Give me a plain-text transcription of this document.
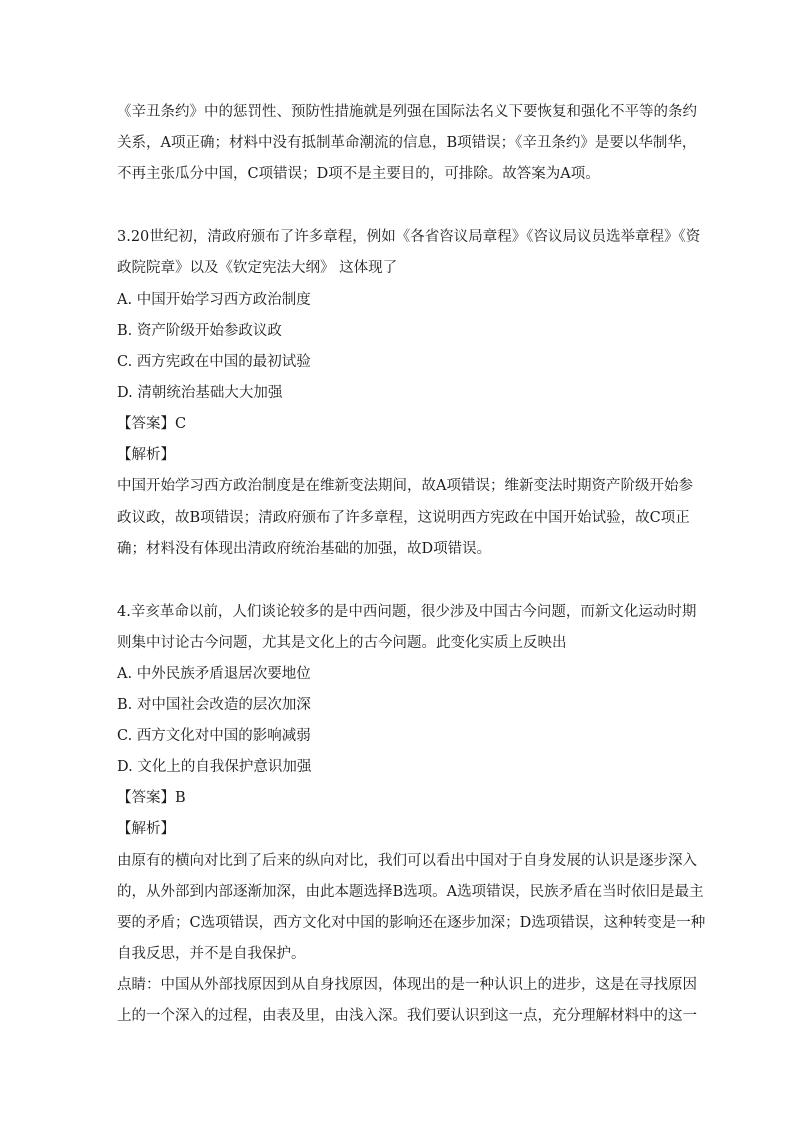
《辛丑条约》中的惩罚性、预防性措施就是列强在国际法名义下要恢复和强化不平等的条约
关系，A项正确；材料中没有抵制革命潮流的信息，B项错误；《辛丑条约》是要以华制华，
不再主张瓜分中国，C项错误；D项不是主要目的，可排除。故答案为A项。
3.20世纪初，清政府颁布了许多章程，例如《各省咨议局章程》《咨议局议员选举章程》《资
政院院章》以及《钦定宪法大纲》 这体现了
A. 中国开始学习西方政治制度
B. 资产阶级开始参政议政
C. 西方宪政在中国的最初试验
D. 清朝统治基础大大加强
【答案】C
【解析】
中国开始学习西方政治制度是在维新变法期间，故A项错误；维新变法时期资产阶级开始参
政议政，故B项错误；清政府颁布了许多章程，这说明西方宪政在中国开始试验，故C项正
确；材料没有体现出清政府统治基础的加强，故D项错误。
4.辛亥革命以前，人们谈论较多的是中西问题，很少涉及中国古今问题，而新文化运动时期
则集中讨论古今问题，尤其是文化上的古今问题。此变化实质上反映出
A. 中外民族矛盾退居次要地位
B. 对中国社会改造的层次加深
C. 西方文化对中国的影响减弱
D. 文化上的自我保护意识加强
【答案】B
【解析】
由原有的横向对比到了后来的纵向对比，我们可以看出中国对于自身发展的认识是逐步深入
的，从外部到内部逐渐加深，由此本题选择B选项。A选项错误，民族矛盾在当时依旧是最主
要的矛盾；C选项错误，西方文化对中国的影响还在逐步加深；D选项错误，这种转变是一种
自我反思，并不是自我保护。
点睛：中国从外部找原因到从自身找原因，体现出的是一种认识上的进步，这是在寻找原因
上的一个深入的过程，由表及里，由浅入深。我们要认识到这一点，充分理解材料中的这一
